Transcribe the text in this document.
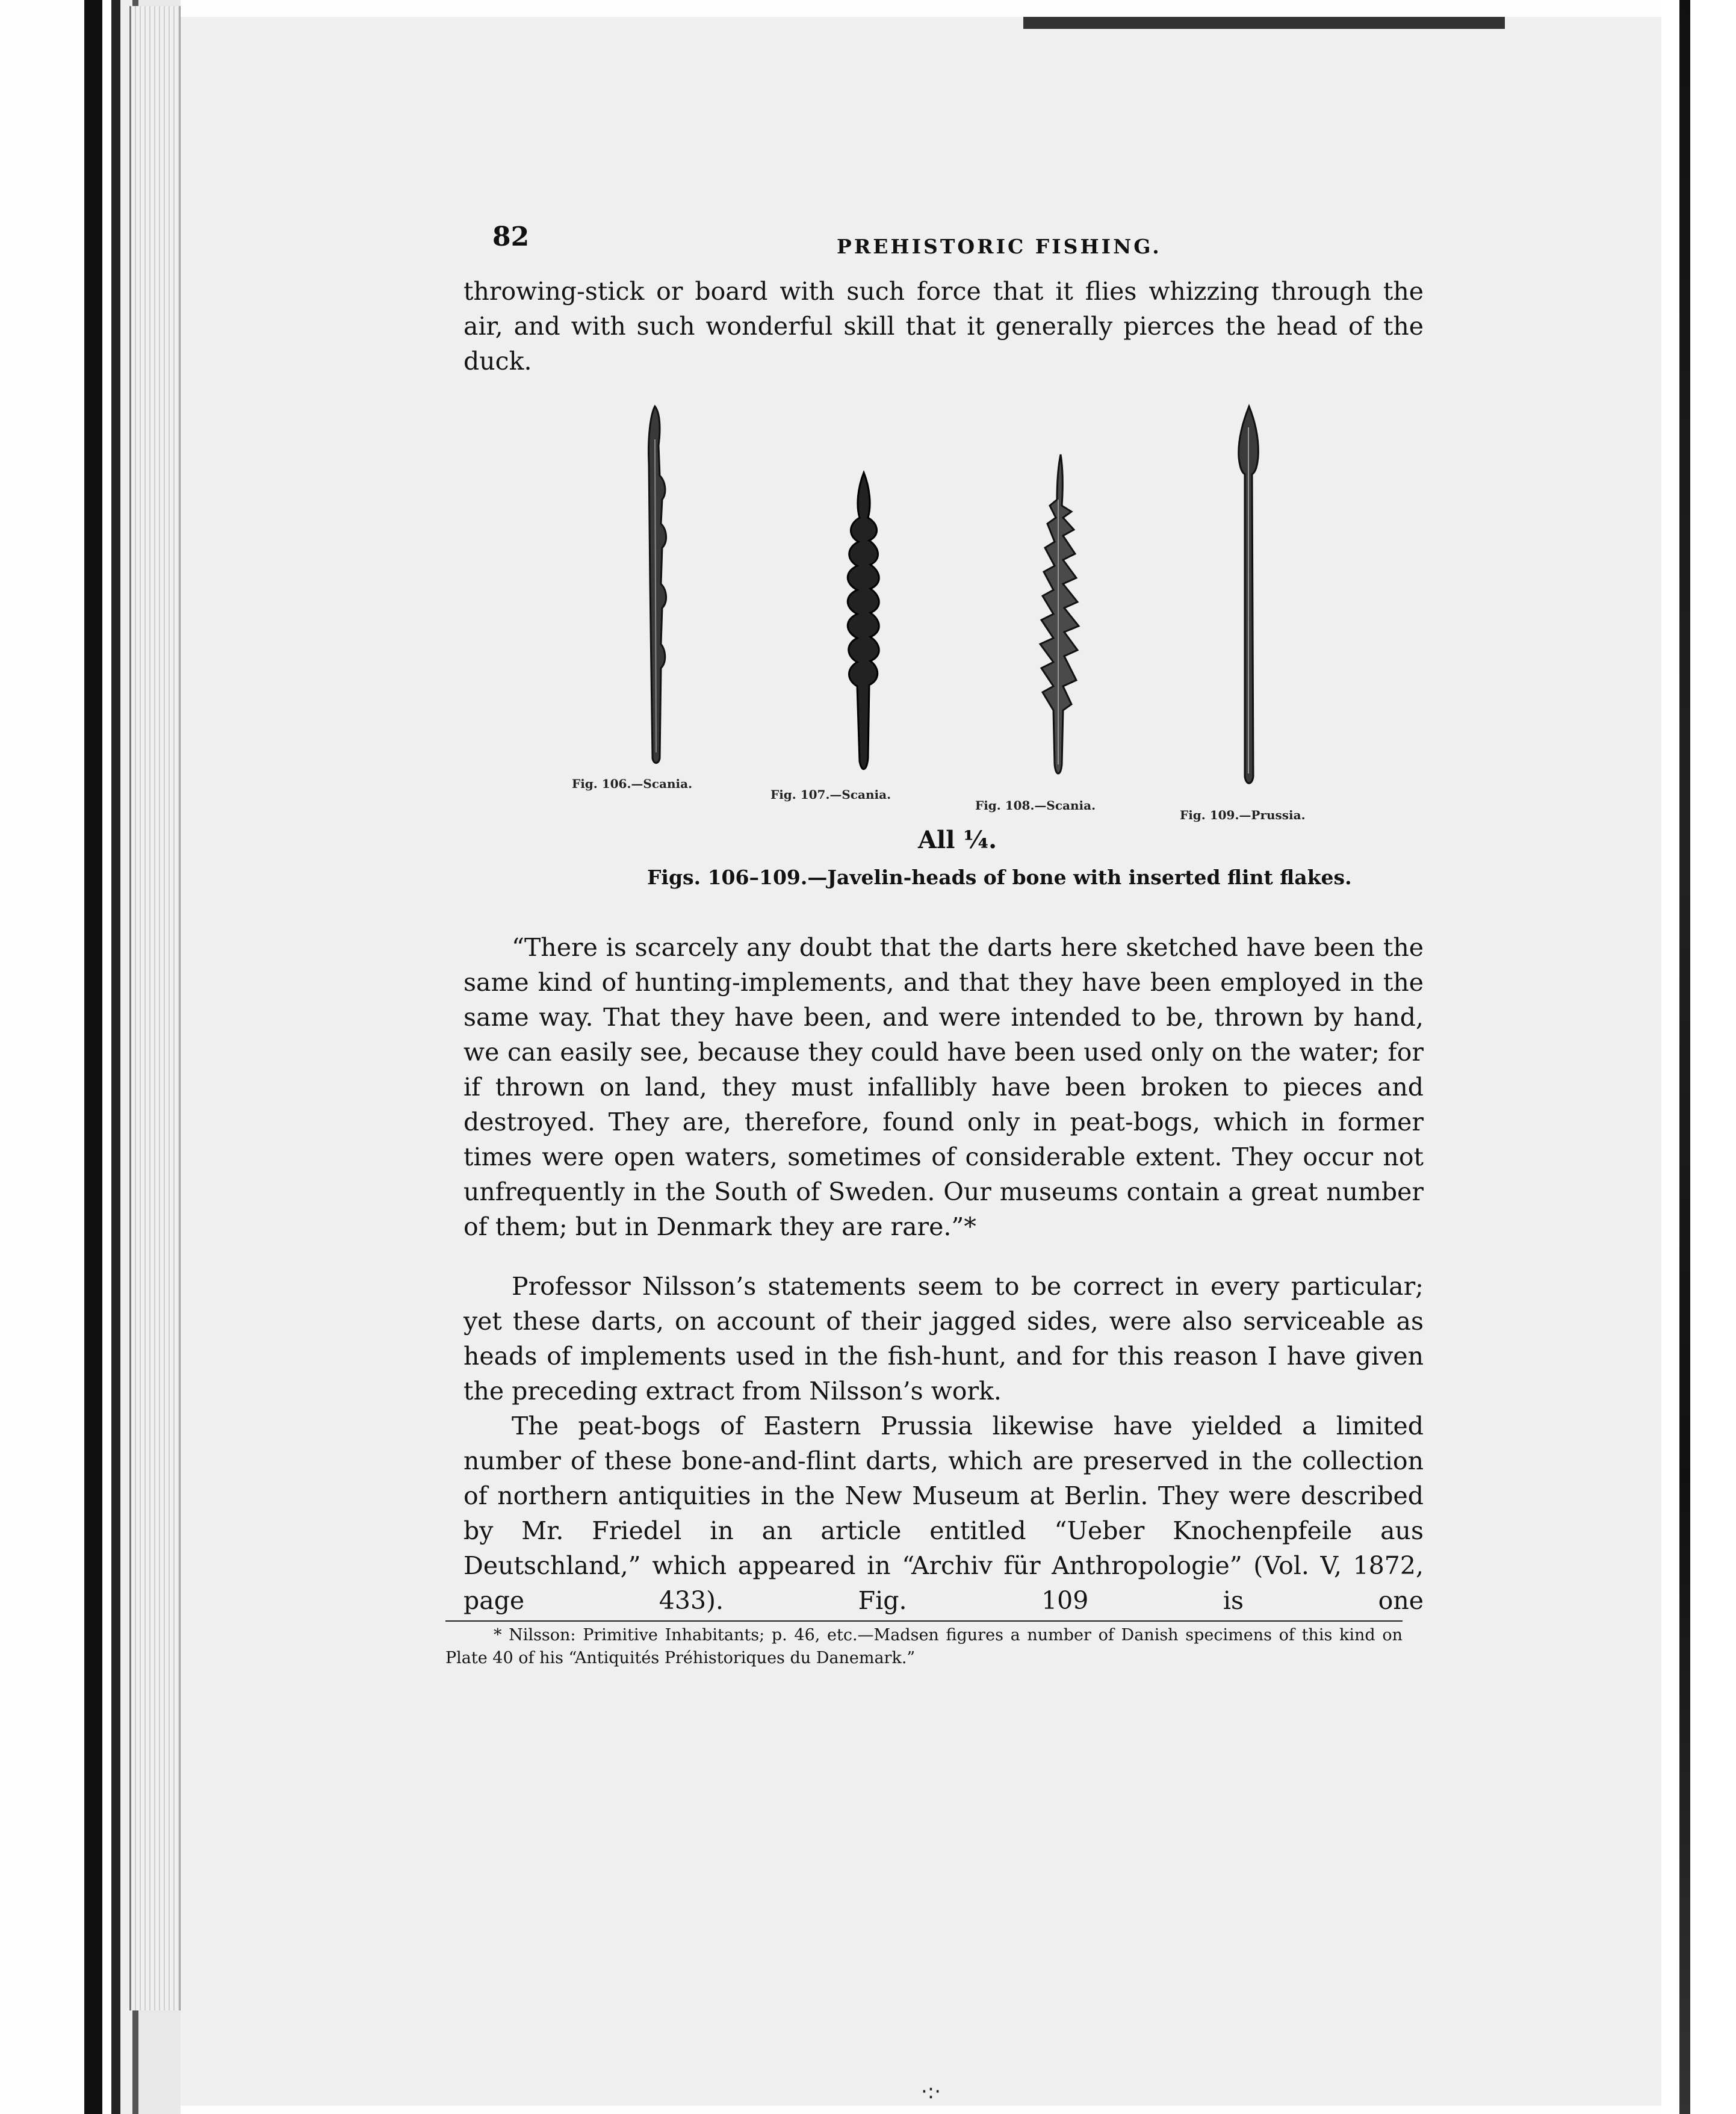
82	PREHISTORIC FISHING.

throwing-stick or board with such force that it flies whizzing through the air, and with such wonderful skill that it generally pierces the head of the duck.

Fig. 106.—Scania.
Fig. 107.—Scania.
Fig. 108.—Scania.
Fig. 109.—Prussia.
All ¼.
Figs. 106–109.—Javelin-heads of bone with inserted flint flakes.

“There is scarcely any doubt that the darts here sketched have been the same kind of hunting-implements, and that they have been employed in the same way. That they have been, and were intended to be, thrown by hand, we can easily see, because they could have been used only on the water; for if thrown on land, they must infallibly have been broken to pieces and destroyed. They are, therefore, found only in peat-bogs, which in former times were open waters, sometimes of considerable extent. They occur not unfrequently in the South of Sweden. Our museums contain a great number of them; but in Denmark they are rare.”*

Professor Nilsson’s statements seem to be correct in every particular; yet these darts, on account of their jagged sides, were also serviceable as heads of implements used in the fish-hunt, and for this reason I have given the preceding extract from Nilsson’s work.

The peat-bogs of Eastern Prussia likewise have yielded a limited number of these bone-and-flint darts, which are preserved in the collection of northern antiquities in the New Museum at Berlin. They were described by Mr. Friedel in an article entitled “Ueber Knochenpfeile aus Deutschland,” which appeared in “Archiv für Anthropologie” (Vol. V, 1872, page 433). Fig. 109 is one

* Nilsson: Primitive Inhabitants; p. 46, etc.—Madsen figures a number of Danish specimens of this kind on Plate 40 of his “Antiquités Préhistoriques du Danemark.”

·:·
